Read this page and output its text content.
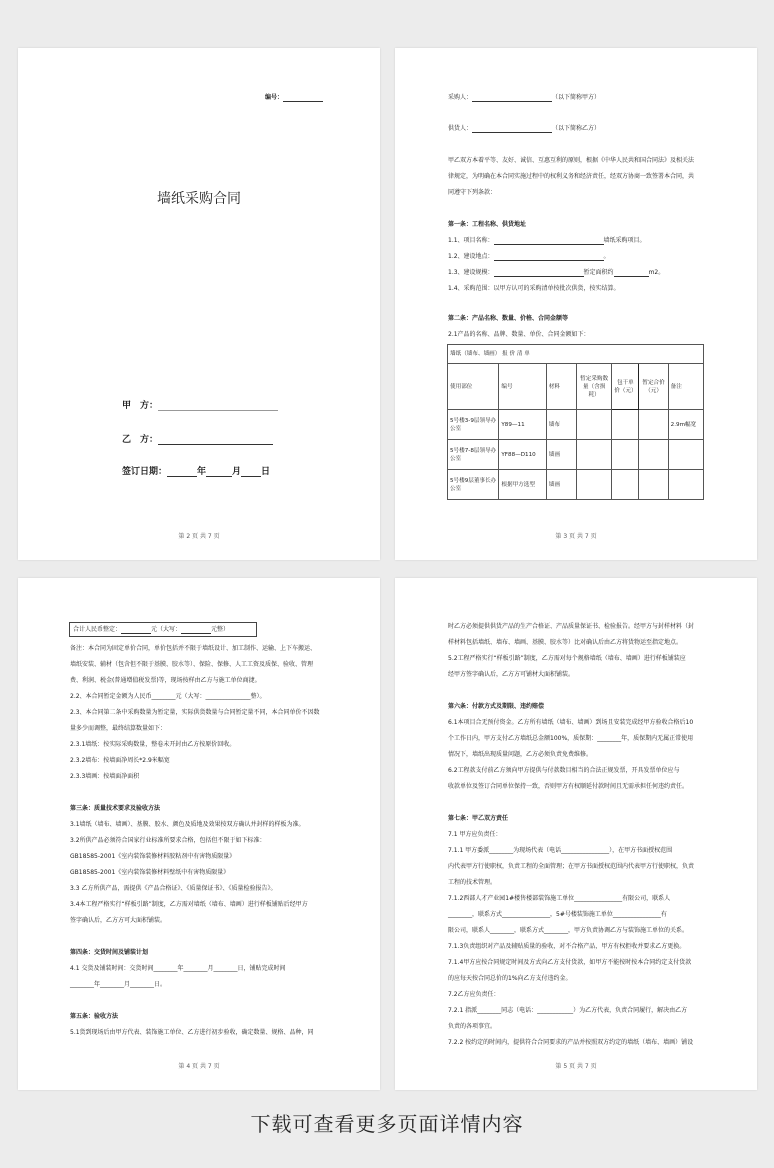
编号：
墙纸采购合同
甲　方：
乙　方：
签订日期：	年	月 日
第 2 页 共 7 页
采购人：	（以下简称甲方）
供货人：	（以下简称乙方）
甲乙双方本着平等、友好、诚信、互惠互利的原则，根据《中华人民共和国合同法》及相关法
律规定，为明确在本合同实施过程中的权利义务和经济责任，经双方协商一致签署本合同，共
同遵守下列条款：
第一条：工程名称、供货地址
1.1、项目名称：	墙纸采购项目。
1.2、建设地点：	。
1.3、建设规模：	暂定面积约	m2。
1.4、采购范围：以甲方认可的采购清单按批次供货，按实结算。
第二条：产品名称、数量、价格、合同金额等
2.1产品的名称、品牌、数量、单价、合同金额如下：
墙纸（墙布、墙画） 报 价 清 单						
使用部位	编号	材料	暂定采购数量（含损耗）	包干单价（元）	暂定合价（元）	备注
5号楼3-9层领导办公室	Y89—11	墙布				2.9m幅宽
5号楼7-8层领导办公室	YF88—D110	墙画				
5号楼9层董事长办公室	根据甲方选型	墙画				
第 3 页 共 7 页
合计人民币整定：	元（大写：	元整）
备注：本合同为固定单价合同，单价包括并不限于墙纸设计、加工制作、运输、上下车搬运、
墙纸安装、辅材（包含但不限于基膜、胶水等）、保险、保修、人工工资及质保、验收、管理
费、利润、税金(普通增值税发票)等，现场按样由乙方与施工单位商捷。
2.2、本合同暂定金额为人民币________元（大写：_______________整）。
2.3、本合同第二条中采购数量为暂定量，实际供货数量与合同暂定量不同，本合同单价不因数
量多少而调整，最终结算数量如下：
2.3.1墙纸：按实际采购数量，整卷未开封由乙方按原价回收。
2.3.2墙布：按墙面净周长*2.9米幅宽
2.3.3墙画：按墙面净面积
第三条：质量技术要求及验收方法
3.1墙纸（墙布、墙画）、基膜、胶水、颜色及质地及效果按双方确认并封样的样板为准。
3.2所供产品必须符合国家行业标准所要求合格，包括但不限于如下标准：
GB18585-2001《室内装饰装修材料胶粘剂中有害物质限量》
GB18585-2001《室内装饰装修材料壁纸中有害物质限量》
3.3 乙方所供产品，需提供《产品合格证》、《质量保证书》、《质量检验报告》。
3.4本工程严格实行“样板引路”制度，乙方需对墙纸（墙布、墙画）进行样板铺贴后经甲方
签字确认后，乙方方可大面积铺装。
第四条：交货时间及铺装计划
4.1 交货及铺装时间：交货时间________年________月________日，铺贴完成时间
________年________月________日。
第五条：验收方法
5.1货到现场后由甲方代表、装饰施工单位、乙方进行初步验收，确定数量、规格、品种，同
第 4 页 共 7 页
时乙方必须提供供货产品的生产合格证、产品质量保证书、检验报告。经甲方与封样材料（封
样材料包括墙纸、墙布、墙画、基膜、胶水等）比对确认后由乙方将货物运至指定地点。
5.2工程严格实行“样板引路”制度，乙方需对每个规格墙纸（墙布、墙画）进行样板铺装应
经甲方签字确认后，乙方方可铺材大面积铺装。
第六条：付款方式及期限、违约赔偿
6.1本项目合无预付资金。乙方所有墙纸（墙布、墙画）到场且安装完成经甲方验收合格后10
个工作日内，甲方支付乙方墙纸总金额100%，质保期：________年，质保期内无属正常使用
情况下，墙纸出现质量问题，乙方必须负责免费维修。
6.2工程款支付前乙方须向甲方提供与付款数目相当的合法正规发票，开具发票单位应与
收款单位及签订合同单位保持一致，否则甲方有权顺延付款时间且无需承担任何违约责任。
第七条：甲乙双方责任
7.1 甲方应负责任：
7.1.1 甲方委派________为现场代表（电话________________），在甲方书面授权范围
内代表甲方行使职权，负责工程的全面管理；在甲方书面授权范围内代表甲方行使职权，负责
工程的技术管理。
7.1.2西部人才产业园1#楼售楼部装饰施工单位________________有限公司，联系人
________，联系方式________________，5#号楼装饰施工单位________________有
限公司，联系人________，联系方式________，甲方负责协调乙方与装饰施工单位的关系。
7.1.3负责组织对产品及辅贴质量的验收，对不合格产品，甲方有权拒收并要求乙方更换。
7.1.4甲方应按合同规定时间及方式向乙方支付货款，如甲方不能按时按本合同约定支付货款
的应每天按合同总价的1%向乙方支付违约金。
7.2乙方应负责任：
7.2.1 指派________同志（电话：____________）为乙方代表，负责合同履行，解决由乙方
负责的各项事宜。
7.2.2 按约定的时间内，提供符合合同要求的产品并按照双方约定的墙纸（墙布、墙画）铺设
第 5 页 共 7 页
下载可查看更多页面详情内容
